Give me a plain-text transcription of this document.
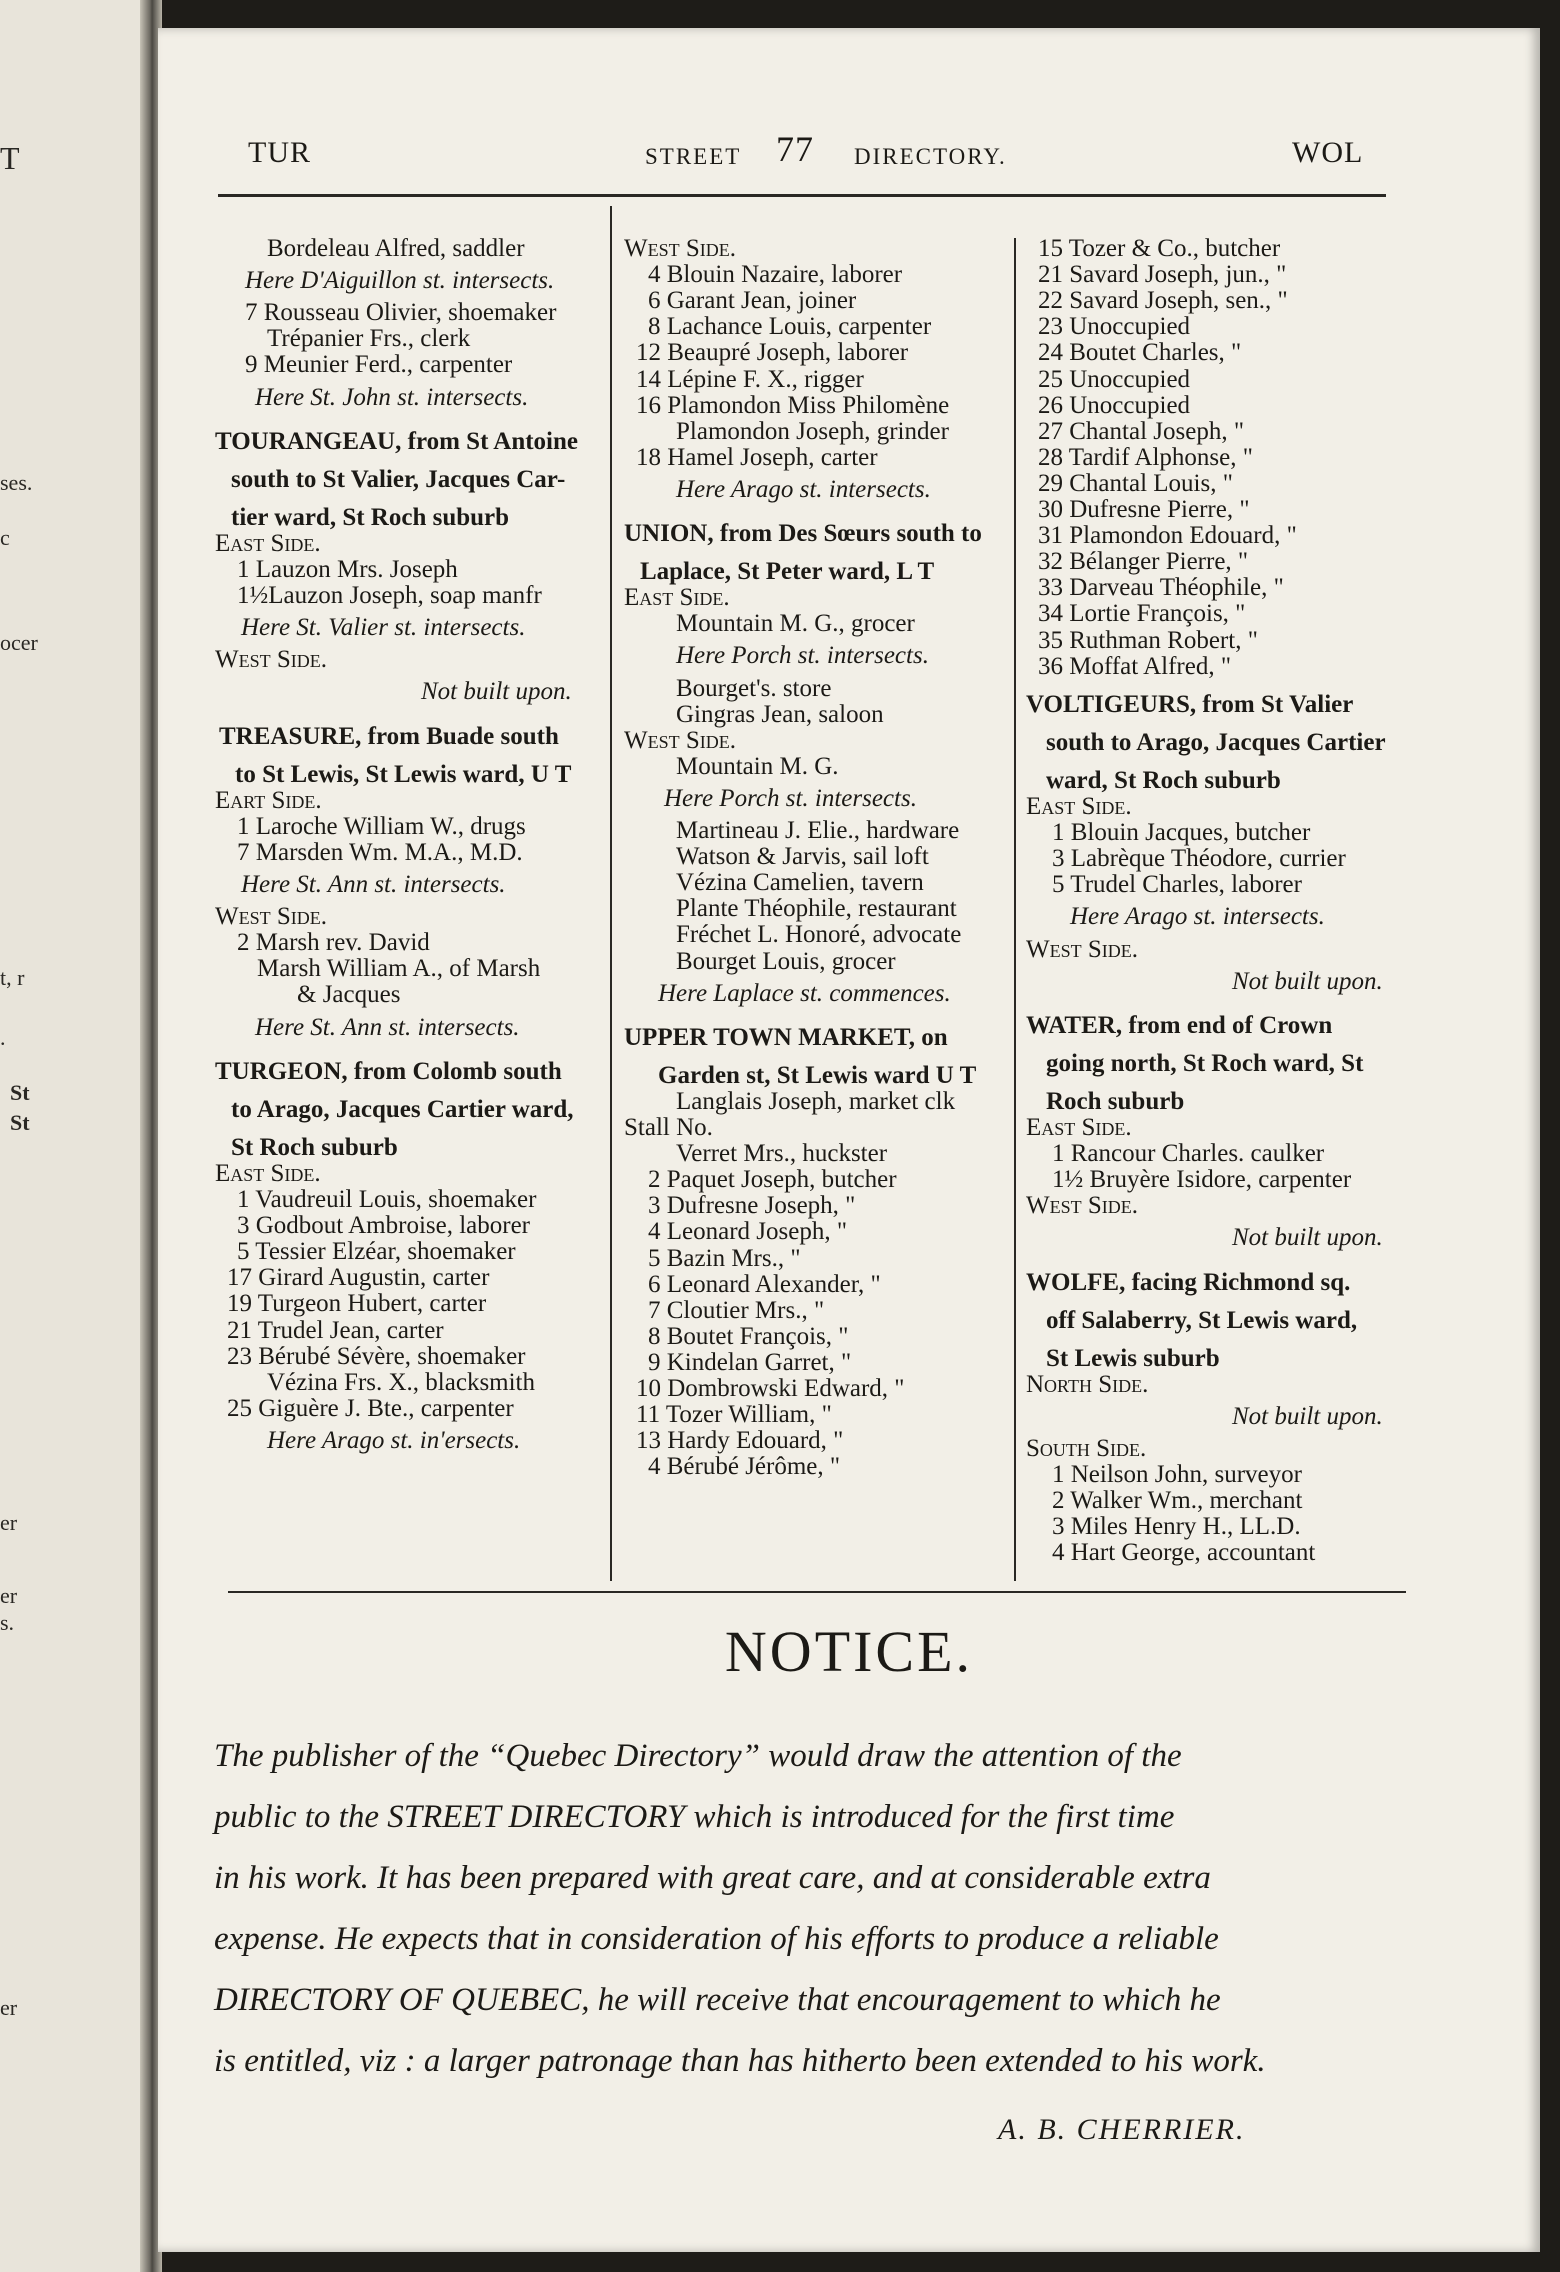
T
ses.
c
ocer
t, r
.
St
St
er
er
s.
er
TUR	STREET 77 DIRECTORY.	WOL
Bordeleau Alfred, saddler
Here D'Aiguillon st. intersects.
7 Rousseau Olivier, shoemaker
Trépanier Frs., clerk
9 Meunier Ferd., carpenter
Here St. John st. intersects.
TOURANGEAU, from St Antoine
south to St Valier, Jacques Car-
tier ward, St Roch suburb
East Side.
1 Lauzon Mrs. Joseph
1½Lauzon Joseph, soap manfr
Here St. Valier st. intersects.
West Side.
Not built upon.
TREASURE, from Buade south
to St Lewis, St Lewis ward, U T
Eart Side.
1 Laroche William W., drugs
7 Marsden Wm. M.A., M.D.
Here St. Ann st. intersects.
West Side.
2 Marsh rev. David
Marsh William A., of Marsh
& Jacques
Here St. Ann st. intersects.
TURGEON, from Colomb south
to Arago, Jacques Cartier ward,
St Roch suburb
East Side.
1 Vaudreuil Louis, shoemaker
3 Godbout Ambroise, laborer
5 Tessier Elzéar, shoemaker
17 Girard Augustin, carter
19 Turgeon Hubert, carter
21 Trudel Jean, carter
23 Bérubé Sévère, shoemaker
Vézina Frs. X., blacksmith
25 Giguère J. Bte., carpenter
Here Arago st. in'ersects.
West Side.
4 Blouin Nazaire, laborer
6 Garant Jean, joiner
8 Lachance Louis, carpenter
12 Beaupré Joseph, laborer
14 Lépine F. X., rigger
16 Plamondon Miss Philomène
Plamondon Joseph, grinder
18 Hamel Joseph, carter
Here Arago st. intersects.
UNION, from Des Sœurs south to
Laplace, St Peter ward, L T
East Side.
Mountain M. G., grocer
Here Porch st. intersects.
Bourget's. store
Gingras Jean, saloon
West Side.
Mountain M. G.
Here Porch st. intersects.
Martineau J. Elie., hardware
Watson & Jarvis, sail loft
Vézina Camelien, tavern
Plante Théophile, restaurant
Fréchet L. Honoré, advocate
Bourget Louis, grocer
Here Laplace st. commences.
UPPER TOWN MARKET, on
Garden st, St Lewis ward U T
Langlais Joseph, market clk
Stall No.
Verret Mrs., huckster
2 Paquet Joseph, butcher
3 Dufresne Joseph, "
4 Leonard Joseph, "
5 Bazin Mrs., "
6 Leonard Alexander, "
7 Cloutier Mrs., "
8 Boutet François, "
9 Kindelan Garret, "
10 Dombrowski Edward, "
11 Tozer William, "
13 Hardy Edouard, "
4 Bérubé Jérôme, "
15 Tozer & Co., butcher
21 Savard Joseph, jun., "
22 Savard Joseph, sen., "
23 Unoccupied
24 Boutet Charles, "
25 Unoccupied
26 Unoccupied
27 Chantal Joseph, "
28 Tardif Alphonse, "
29 Chantal Louis, "
30 Dufresne Pierre, "
31 Plamondon Edouard, "
32 Bélanger Pierre, "
33 Darveau Théophile, "
34 Lortie François, "
35 Ruthman Robert, "
36 Moffat Alfred, "
VOLTIGEURS, from St Valier
south to Arago, Jacques Cartier
ward, St Roch suburb
East Side.
1 Blouin Jacques, butcher
3 Labrèque Théodore, currier
5 Trudel Charles, laborer
Here Arago st. intersects.
West Side.
Not built upon.
WATER, from end of Crown
going north, St Roch ward, St
Roch suburb
East Side.
1 Rancour Charles. caulker
1½ Bruyère Isidore, carpenter
West Side.
Not built upon.
WOLFE, facing Richmond sq.
off Salaberry, St Lewis ward,
St Lewis suburb
North Side.
Not built upon.
South Side.
1 Neilson John, surveyor
2 Walker Wm., merchant
3 Miles Henry H., LL.D.
4 Hart George, accountant
NOTICE.
The publisher of the “Quebec Directory” would draw the attention of the
public to the STREET DIRECTORY which is introduced for the first time
in his work. It has been prepared with great care, and at considerable extra
expense. He expects that in consideration of his efforts to produce a reliable
DIRECTORY OF QUEBEC, he will receive that encouragement to which he
is entitled, viz : a larger patronage than has hitherto been extended to his work.
A. B. CHERRIER.
